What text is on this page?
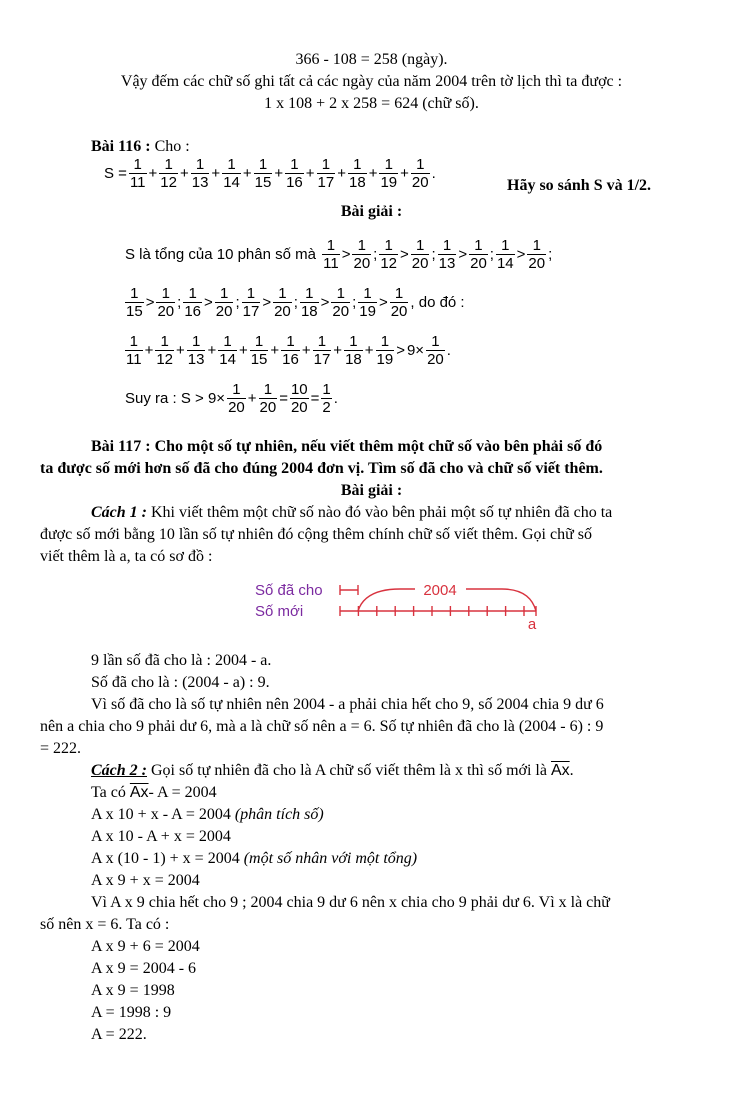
366 - 108 = 258 (ngày).
Vậy đếm các chữ số ghi tất cả các ngày của năm 2004 trên tờ lịch thì ta được :
1 x 108 + 2 x 258 = 624 (chữ số).
Bài 116 : Cho :
$S = \frac{1}{11} + \frac{1}{12} + \frac{1}{13} + \frac{1}{14} + \frac{1}{15} + \frac{1}{16} + \frac{1}{17} + \frac{1}{18} + \frac{1}{19} + \frac{1}{20}$ .
Hãy so sánh S và 1/2.
Bài giải :
S là tổng của 10 phân số mà $\frac{1}{11} > \frac{1}{20}$ ; $\frac{1}{12} > \frac{1}{20}$ ; $\frac{1}{13} > \frac{1}{20}$ ; $\frac{1}{14} > \frac{1}{20}$ ;
$\frac{1}{15} > \frac{1}{20}$ ; $\frac{1}{16} > \frac{1}{20}$ ; $\frac{1}{17} > \frac{1}{20}$ ; $\frac{1}{18} > \frac{1}{20}$ ; $\frac{1}{19} > \frac{1}{20}$ , do đó :
$\frac{1}{11} + \frac{1}{12} + \frac{1}{13} + \frac{1}{14} + \frac{1}{15} + \frac{1}{16} + \frac{1}{17} + \frac{1}{18} + \frac{1}{19} > 9\times \frac{1}{20}$ .
Suy ra : $S > 9\times \frac{1}{20} + \frac{1}{20} = \frac{10}{20} = \frac{1}{2}$ .
Bài 117 : Cho một số tự nhiên, nếu viết thêm một chữ số vào bên phải số đó
ta được số mới hơn số đã cho đúng 2004 đơn vị. Tìm số đã cho và chữ số viết thêm.
Bài giải :
Cách 1 : Khi viết thêm một chữ số nào đó vào bên phải một số tự nhiên đã cho ta
được số mới bằng 10 lần số tự nhiên đó cộng thêm chính chữ số viết thêm. Gọi chữ số
viết thêm là a, ta có sơ đồ :
Số đã cho
Số mới
2004
a
9 lần số đã cho là : 2004 - a.
Số đã cho là : (2004 - a) : 9.
Vì số đã cho là số tự nhiên nên 2004 - a phải chia hết cho 9, số 2004 chia 9 dư 6
nên a chia cho 9 phải dư 6, mà a là chữ số nên a = 6. Số tự nhiên đã cho là (2004 - 6) : 9
= 222.
Cách 2 : Gọi số tự nhiên đã cho là A chữ số viết thêm là x thì số mới là $\overline{Ax}$.
Ta có $\overline{Ax}-$ A = 2004
A x 10 + x - A = 2004 (phân tích số)
A x 10 - A + x = 2004
A x (10 - 1) + x = 2004 (một số nhân với một tổng)
A x 9 + x = 2004
Vì A x 9 chia hết cho 9 ; 2004 chia 9 dư 6 nên x chia cho 9 phải dư 6. Vì x là chữ
số nên x = 6. Ta có :
A x 9 + 6 = 2004
A x 9 = 2004 - 6
A x 9 = 1998
A = 1998 : 9
A = 222.
